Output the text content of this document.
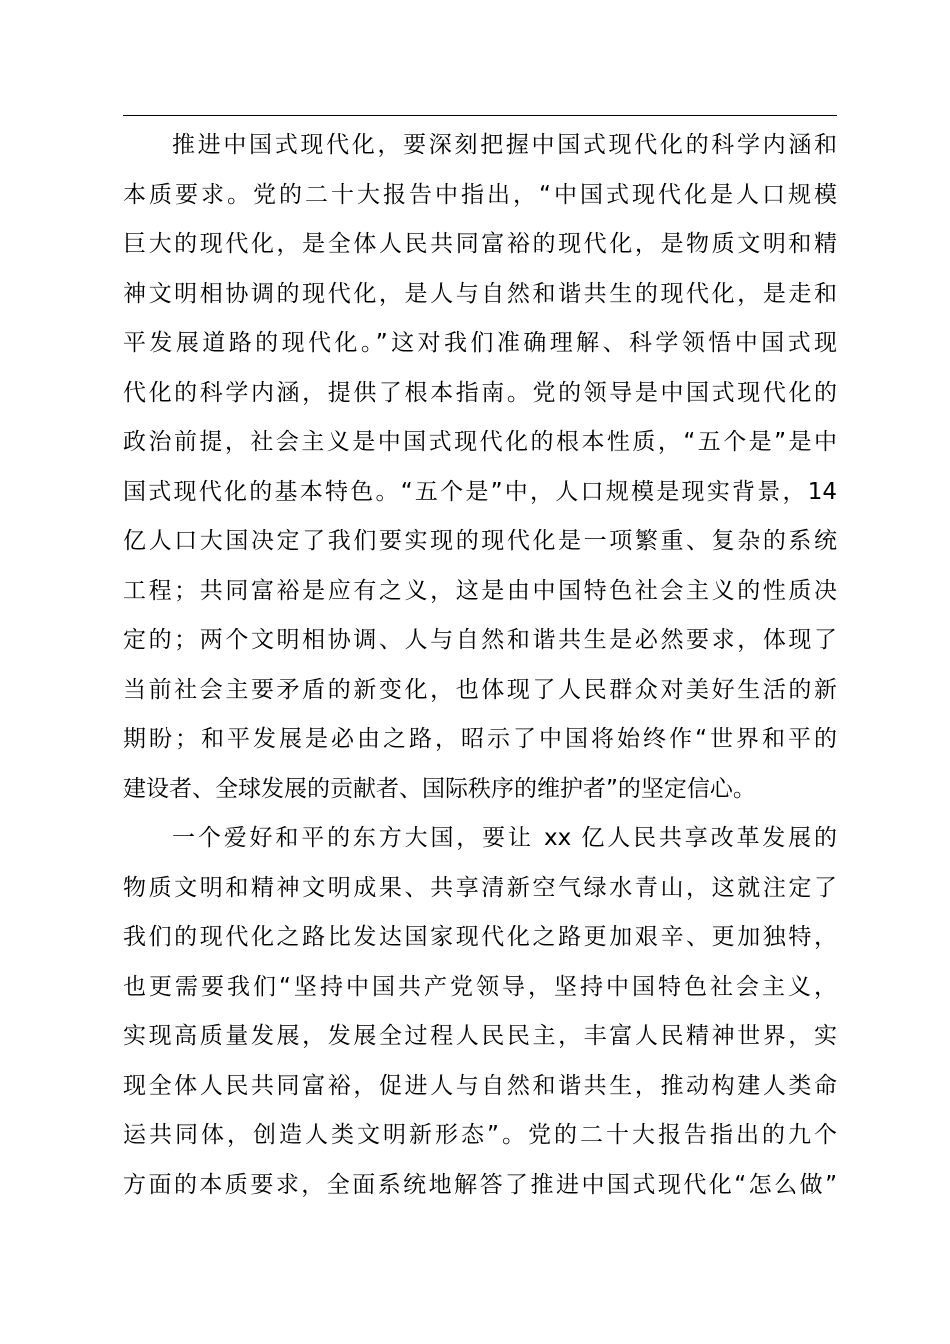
推进中国式现代化，要深刻把握中国式现代化的科学内涵和
本质要求。党的二十大报告中指出，“中国式现代化是人口规模
巨大的现代化，是全体人民共同富裕的现代化，是物质文明和精
神文明相协调的现代化，是人与自然和谐共生的现代化，是走和
平发展道路的现代化。”这对我们准确理解、科学领悟中国式现
代化的科学内涵，提供了根本指南。党的领导是中国式现代化的
政治前提，社会主义是中国式现代化的根本性质，“五个是”是中
国式现代化的基本特色。“五个是”中，人口规模是现实背景，14
亿人口大国决定了我们要实现的现代化是一项繁重、复杂的系统
工程；共同富裕是应有之义，这是由中国特色社会主义的性质决
定的；两个文明相协调、人与自然和谐共生是必然要求，体现了
当前社会主要矛盾的新变化，也体现了人民群众对美好生活的新
期盼；和平发展是必由之路，昭示了中国将始终作“世界和平的
建设者、全球发展的贡献者、国际秩序的维护者”的坚定信心。
一个爱好和平的东方大国，要让 xx 亿人民共享改革发展的
物质文明和精神文明成果、共享清新空气绿水青山，这就注定了
我们的现代化之路比发达国家现代化之路更加艰辛、更加独特，
也更需要我们“坚持中国共产党领导，坚持中国特色社会主义，
实现高质量发展，发展全过程人民民主，丰富人民精神世界，实
现全体人民共同富裕，促进人与自然和谐共生，推动构建人类命
运共同体，创造人类文明新形态”。党的二十大报告指出的九个
方面的本质要求，全面系统地解答了推进中国式现代化“怎么做”
